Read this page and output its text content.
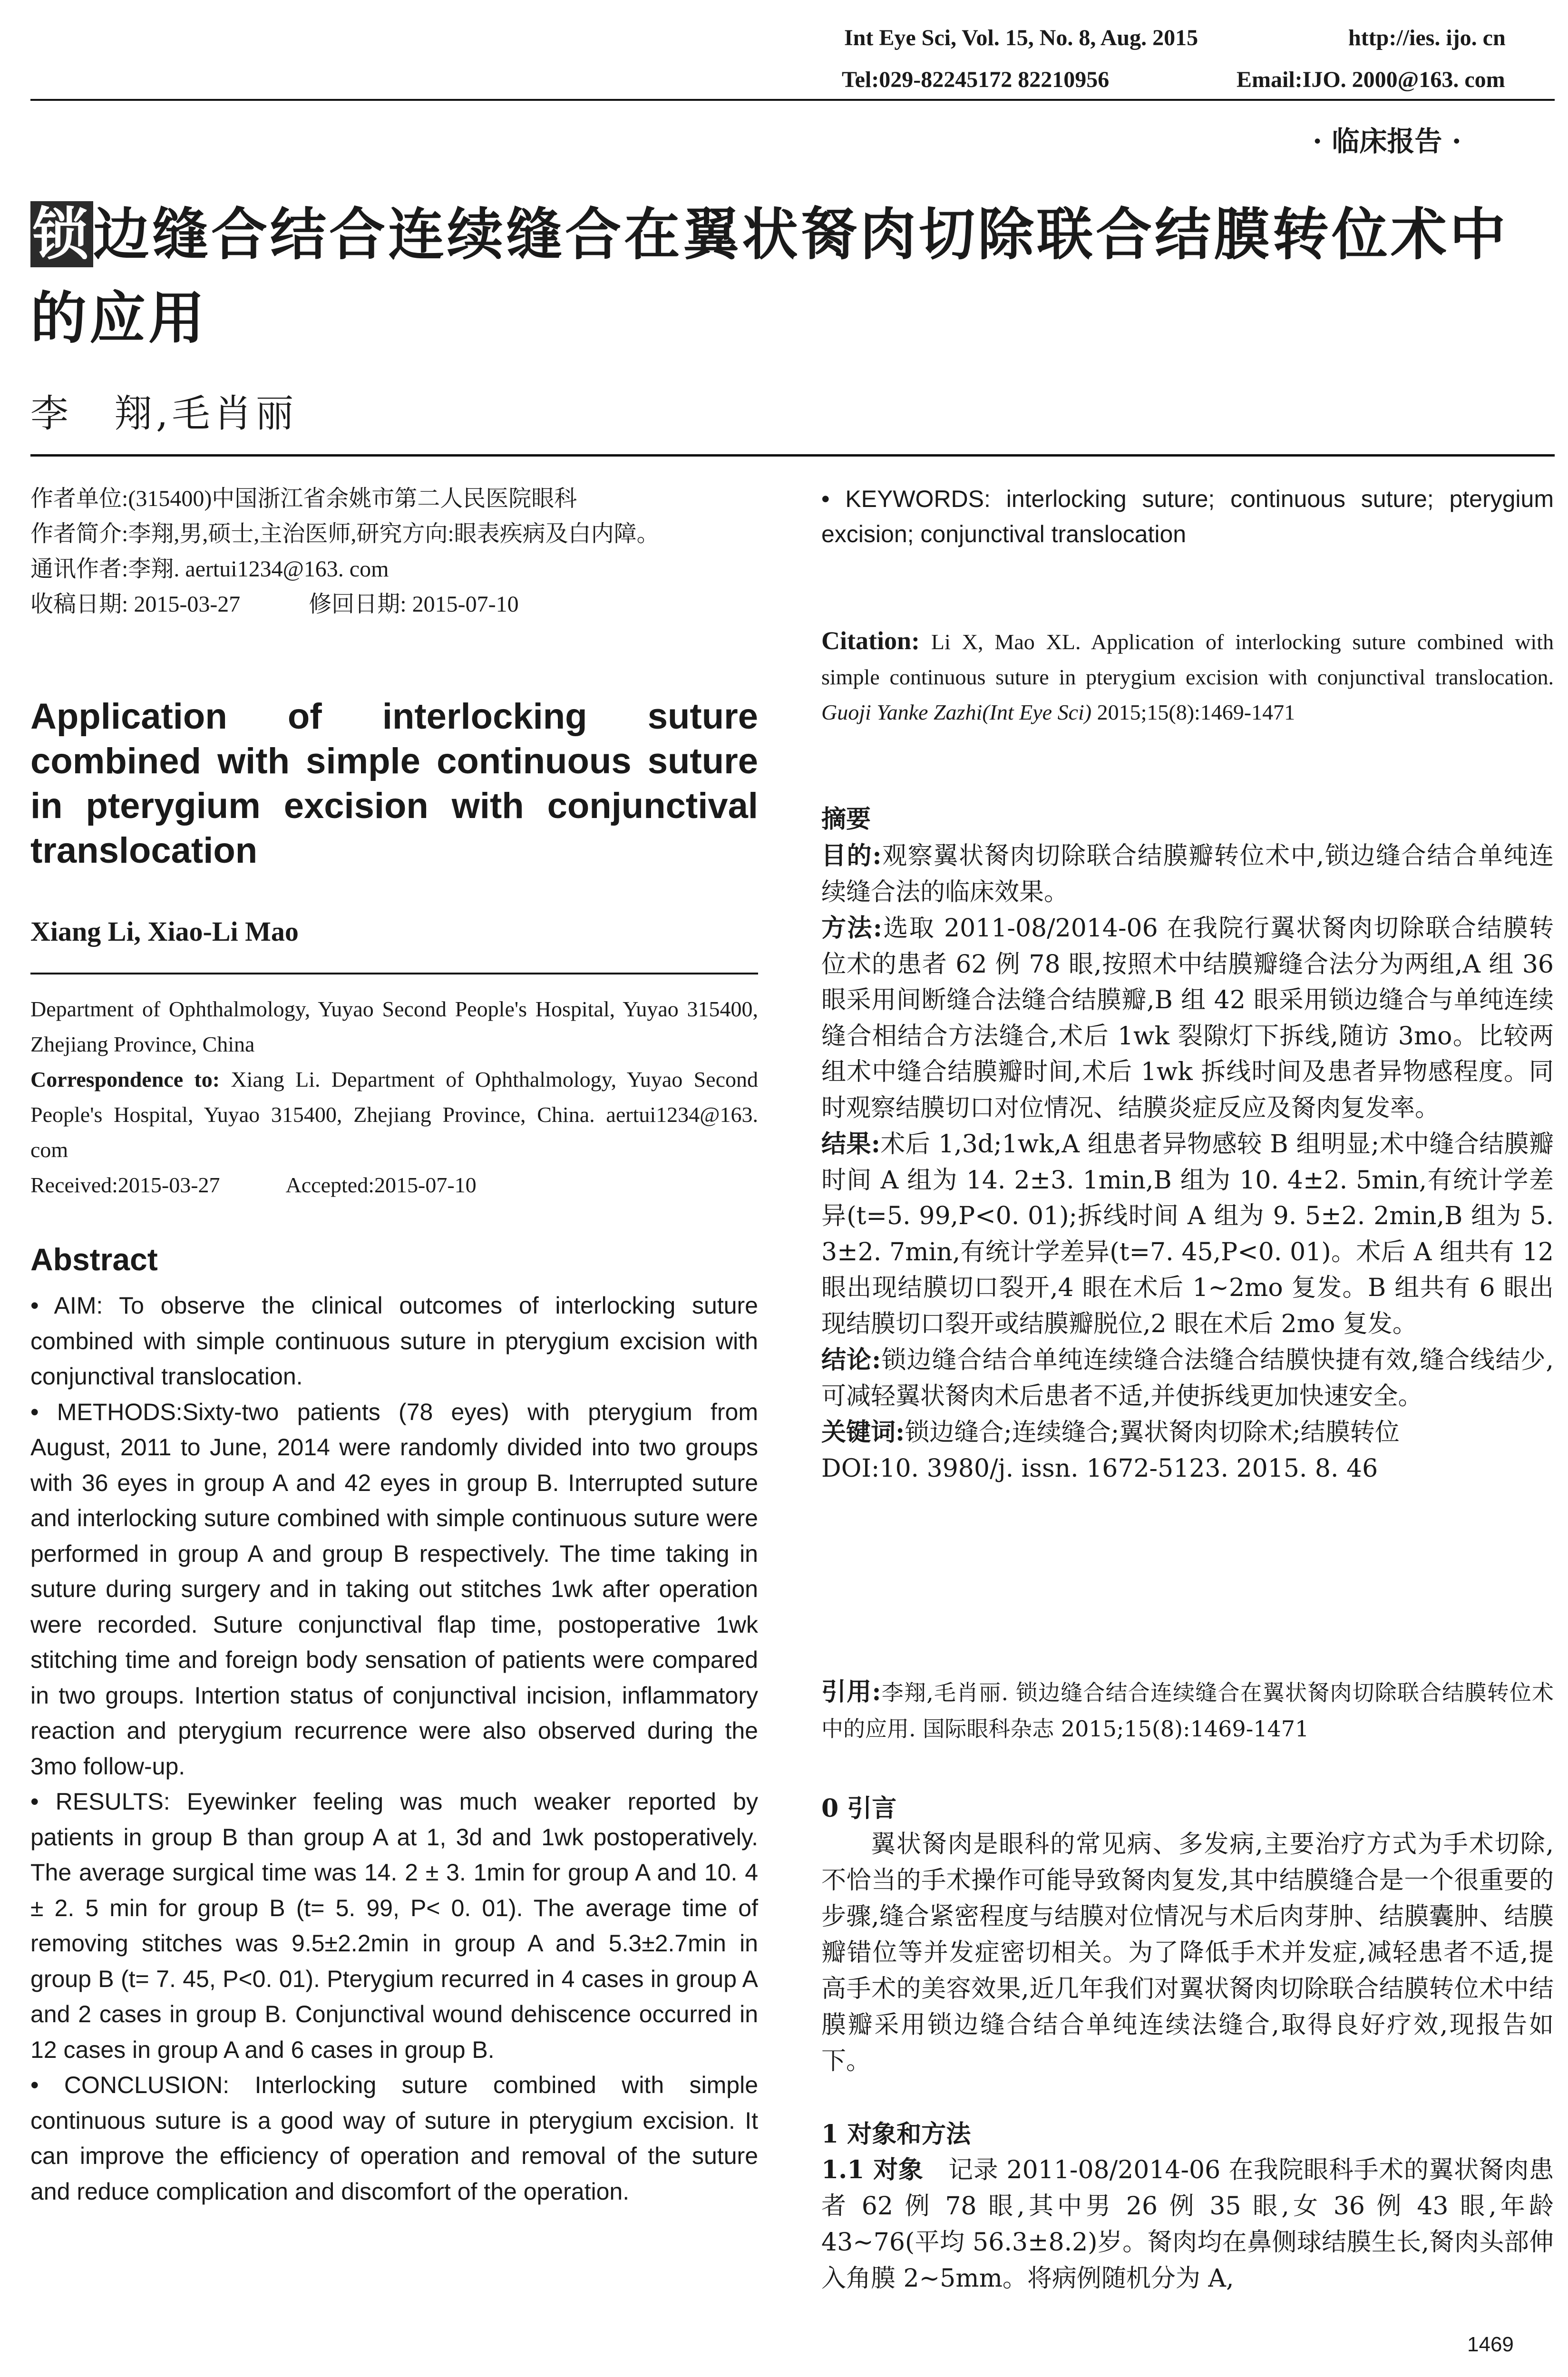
Int Eye Sci, Vol. 15, No. 8, Aug. 2015	http://ies. ijo. cn
Tel:029-82245172 82210956	Email:IJO. 2000@163. com
· 临床报告 ·
锁边缝合结合连续缝合在翼状胬肉切除联合结膜转位术中的应用
李　翔,毛肖丽

作者单位:(315400)中国浙江省余姚市第二人民医院眼科

作者简介:李翔,男,硕士,主治医师,研究方向:眼表疾病及白内障。

通讯作者:李翔. aertui1234@163. com

收稿日期: 2015-03-27　　　修回日期: 2015-07-10

Application of interlocking suture combined with simple continuous suture in pterygium excision with conjunctival translocation
Xiang Li, Xiao-Li Mao

Department of Ophthalmology, Yuyao Second People's Hospital, Yuyao 315400, Zhejiang Province, China

Correspondence to: Xiang Li. Department of Ophthalmology, Yuyao Second People's Hospital, Yuyao 315400, Zhejiang Province, China. aertui1234@163. com

Received:2015-03-27　　　Accepted:2015-07-10

Abstract

• AIM: To observe the clinical outcomes of interlocking suture combined with simple continuous suture in pterygium excision with conjunctival translocation.

• METHODS:Sixty-two patients (78 eyes) with pterygium from August, 2011 to June, 2014 were randomly divided into two groups with 36 eyes in group A and 42 eyes in group B. Interrupted suture and interlocking suture combined with simple continuous suture were performed in group A and group B respectively. The time taking in suture during surgery and in taking out stitches 1wk after operation were recorded. Suture conjunctival flap time, postoperative 1wk stitching time and foreign body sensation of patients were compared in two groups. Intertion status of conjunctival incision, inflammatory reaction and pterygium recurrence were also observed during the 3mo follow-up.

• RESULTS: Eyewinker feeling was much weaker reported by patients in group B than group A at 1, 3d and 1wk postoperatively. The average surgical time was 14. 2 ± 3. 1min for group A and 10. 4 ± 2. 5 min for group B (t= 5. 99, P< 0. 01). The average time of removing stitches was 9.5±2.2min in group A and 5.3±2.7min in group B (t= 7. 45, P<0. 01). Pterygium recurred in 4 cases in group A and 2 cases in group B. Conjunctival wound dehiscence occurred in 12 cases in group A and 6 cases in group B.

• CONCLUSION: Interlocking suture combined with simple continuous suture is a good way of suture in pterygium excision. It can improve the efficiency of operation and removal of the suture and reduce complication and discomfort of the operation.

• KEYWORDS: interlocking suture; continuous suture; pterygium excision; conjunctival translocation

Citation: Li X, Mao XL. Application of interlocking suture combined with simple continuous suture in pterygium excision with conjunctival translocation. Guoji Yanke Zazhi(Int Eye Sci) 2015;15(8):1469-1471
摘要

目的:观察翼状胬肉切除联合结膜瓣转位术中,锁边缝合结合单纯连续缝合法的临床效果。

方法:选取 2011-08/2014-06 在我院行翼状胬肉切除联合结膜转位术的患者 62 例 78 眼,按照术中结膜瓣缝合法分为两组,A 组 36 眼采用间断缝合法缝合结膜瓣,B 组 42 眼采用锁边缝合与单纯连续缝合相结合方法缝合,术后 1wk 裂隙灯下拆线,随访 3mo。比较两组术中缝合结膜瓣时间,术后 1wk 拆线时间及患者异物感程度。同时观察结膜切口对位情况、结膜炎症反应及胬肉复发率。

结果:术后 1,3d;1wk,A 组患者异物感较 B 组明显;术中缝合结膜瓣时间 A 组为 14. 2±3. 1min,B 组为 10. 4±2. 5min,有统计学差异(t=5. 99,P<0. 01);拆线时间 A 组为 9. 5±2. 2min,B 组为 5. 3±2. 7min,有统计学差异(t=7. 45,P<0. 01)。术后 A 组共有 12 眼出现结膜切口裂开,4 眼在术后 1~2mo 复发。B 组共有 6 眼出现结膜切口裂开或结膜瓣脱位,2 眼在术后 2mo 复发。

结论:锁边缝合结合单纯连续缝合法缝合结膜快捷有效,缝合线结少,可减轻翼状胬肉术后患者不适,并使拆线更加快速安全。

关键词:锁边缝合;连续缝合;翼状胬肉切除术;结膜转位

DOI:10. 3980/j. issn. 1672-5123. 2015. 8. 46

引用:李翔,毛肖丽. 锁边缝合结合连续缝合在翼状胬肉切除联合结膜转位术中的应用. 国际眼科杂志 2015;15(8):1469-1471
0 引言
翼状胬肉是眼科的常见病、多发病,主要治疗方式为手术切除,不恰当的手术操作可能导致胬肉复发,其中结膜缝合是一个很重要的步骤,缝合紧密程度与结膜对位情况与术后肉芽肿、结膜囊肿、结膜瓣错位等并发症密切相关。为了降低手术并发症,减轻患者不适,提高手术的美容效果,近几年我们对翼状胬肉切除联合结膜转位术中结膜瓣采用锁边缝合结合单纯连续法缝合,取得良好疗效,现报告如下。
1 对象和方法
1.1 对象　记录 2011-08/2014-06 在我院眼科手术的翼状胬肉患者 62 例 78 眼,其中男 26 例 35 眼,女 36 例 43 眼,年龄 43~76(平均 56.3±8.2)岁。胬肉均在鼻侧球结膜生长,胬肉头部伸入角膜 2~5mm。将病例随机分为 A,
1469
